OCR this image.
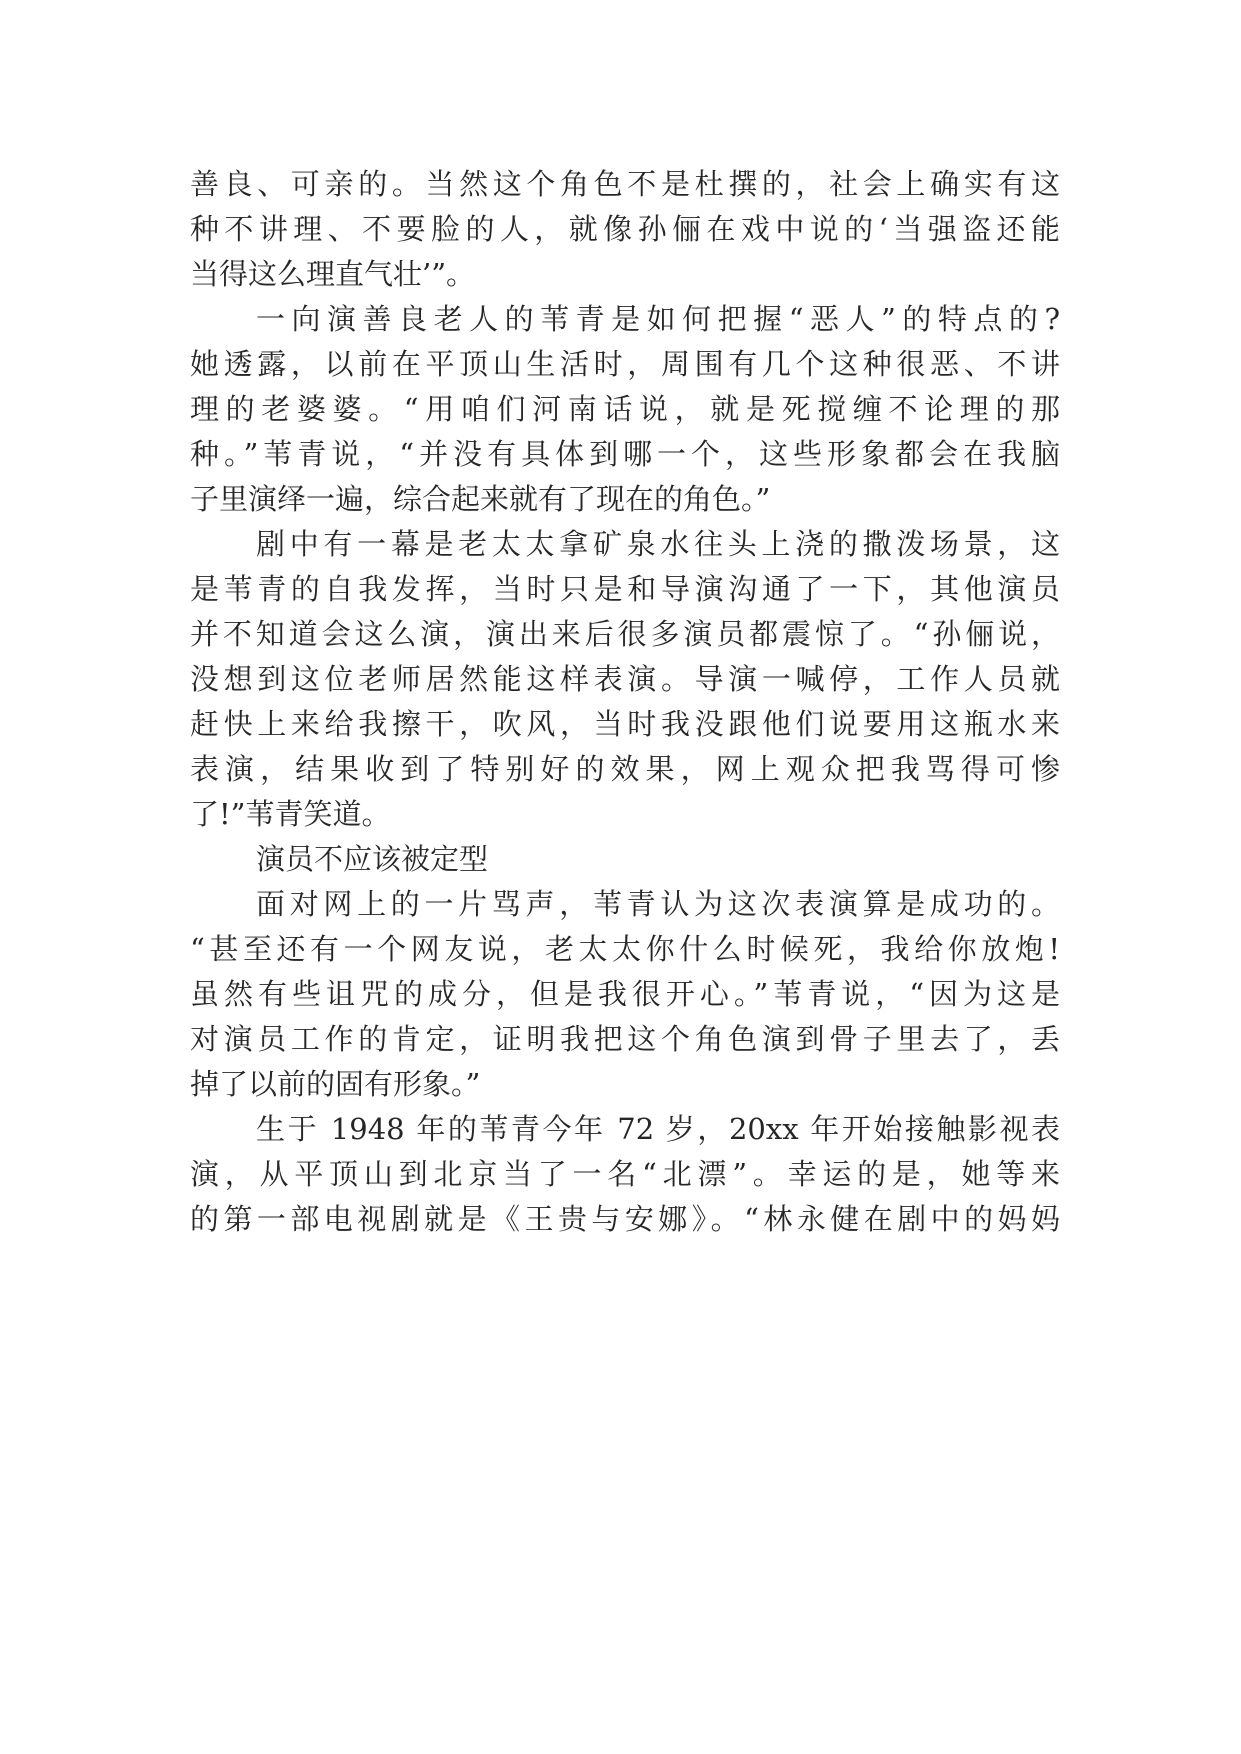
善良、可亲的。当然这个角色不是杜撰的，社会上确实有这
种不讲理、不要脸的人，就像孙俪在戏中说的‘当强盗还能
当得这么理直气壮’”。
一向演善良老人的苇青是如何把握“恶人”的特点的?
她透露，以前在平顶山生活时，周围有几个这种很恶、不讲
理的老婆婆。“用咱们河南话说，就是死搅缠不论理的那
种。”苇青说，“并没有具体到哪一个，这些形象都会在我脑
子里演绎一遍，综合起来就有了现在的角色。”
剧中有一幕是老太太拿矿泉水往头上浇的撒泼场景，这
是苇青的自我发挥，当时只是和导演沟通了一下，其他演员
并不知道会这么演，演出来后很多演员都震惊了。“孙俪说，
没想到这位老师居然能这样表演。导演一喊停，工作人员就
赶快上来给我擦干，吹风，当时我没跟他们说要用这瓶水来
表演，结果收到了特别好的效果，网上观众把我骂得可惨
了!”苇青笑道。
演员不应该被定型
面对网上的一片骂声，苇青认为这次表演算是成功的。
“甚至还有一个网友说，老太太你什么时候死，我给你放炮!
虽然有些诅咒的成分，但是我很开心。”苇青说，“因为这是
对演员工作的肯定，证明我把这个角色演到骨子里去了，丢
掉了以前的固有形象。”
生于 1948 年的苇青今年 72 岁，20xx 年开始接触影视表
演，从平顶山到北京当了一名“北漂”。幸运的是，她等来
的第一部电视剧就是《王贵与安娜》。“林永健在剧中的妈妈
